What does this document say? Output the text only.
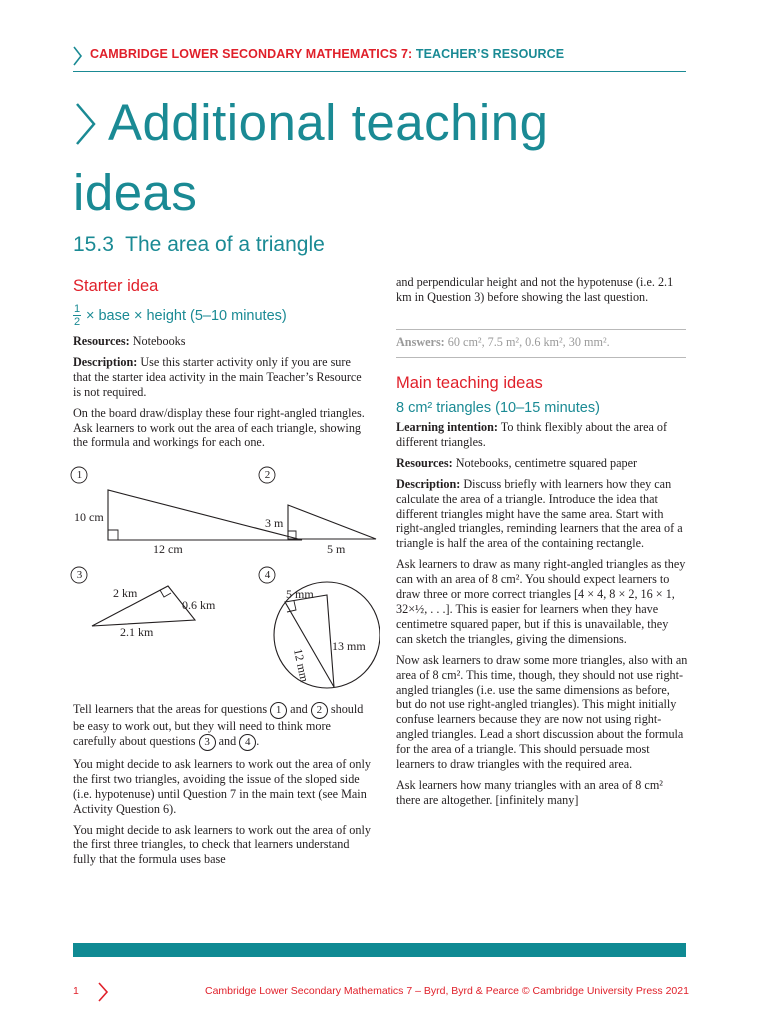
CAMBRIDGE LOWER SECONDARY MATHEMATICS 7: TEACHER’S RESOURCE
Additional teaching
ideas
15.3 The area of a triangle
Starter idea
1
2 × base × height (5–10 minutes)

Resources: Notebooks

Description: Use this starter activity only if you are sure that the starter idea activity in the main Teacher’s Resource is not required.

On the board draw/display these four right-angled triangles. Ask learners to work out the area of each triangle, showing the formula and workings for each one.

1	2
3	4
10 cm
12 cm
3 m
5 m
2 km
0.6 km
2.1 km
5 mm
12 mm
13 mm

Tell learners that the areas for questions 1 and 2 should be easy to work out, but they will need to think more carefully about questions 3 and 4 .

You might decide to ask learners to work out the area of only the first two triangles, avoiding the issue of the sloped side (i.e. hypotenuse) until Question 7 in the main text (see Main Activity Question 6).

You might decide to ask learners to work out the area of only the first three triangles, to check that learners understand fully that the formula uses base

and perpendicular height and not the hypotenuse (i.e. 2.1 km in Question 3) before showing the last question.
Answers: 60 cm², 7.5 m², 0.6 km², 30 mm².
Main teaching ideas
8 cm² triangles (10–15 minutes)

Learning intention: To think flexibly about the area of different triangles.

Resources: Notebooks, centimetre squared paper

Description: Discuss briefly with learners how they can calculate the area of a triangle. Introduce the idea that different triangles might have the same area. Start with right-angled triangles, reminding learners that the area of a triangle is half the area of the containing rectangle.

Ask learners to draw as many right-angled triangles as they can with an area of 8 cm². You should expect learners to draw three or more correct triangles [4 × 4, 8 × 2, 16 × 1, 32×½, . . .]. This is easier for learners when they have centimetre squared paper, but if this is unavailable, they can sketch the triangles, giving the dimensions.

Now ask learners to draw some more triangles, also with an area of 8 cm². This time, though, they should not use right-angled triangles (i.e. use the same dimensions as before, but do not use right-angled triangles). This might initially confuse learners because they are now not using right-angled triangles. Lead a short discussion about the formula for the area of a triangle. This should persuade most learners to draw triangles with the required area.

Ask learners how many triangles with an area of 8 cm² there are altogether. [infinitely many]

1	Cambridge Lower Secondary Mathematics 7 – Byrd, Byrd & Pearce © Cambridge University Press 2021
